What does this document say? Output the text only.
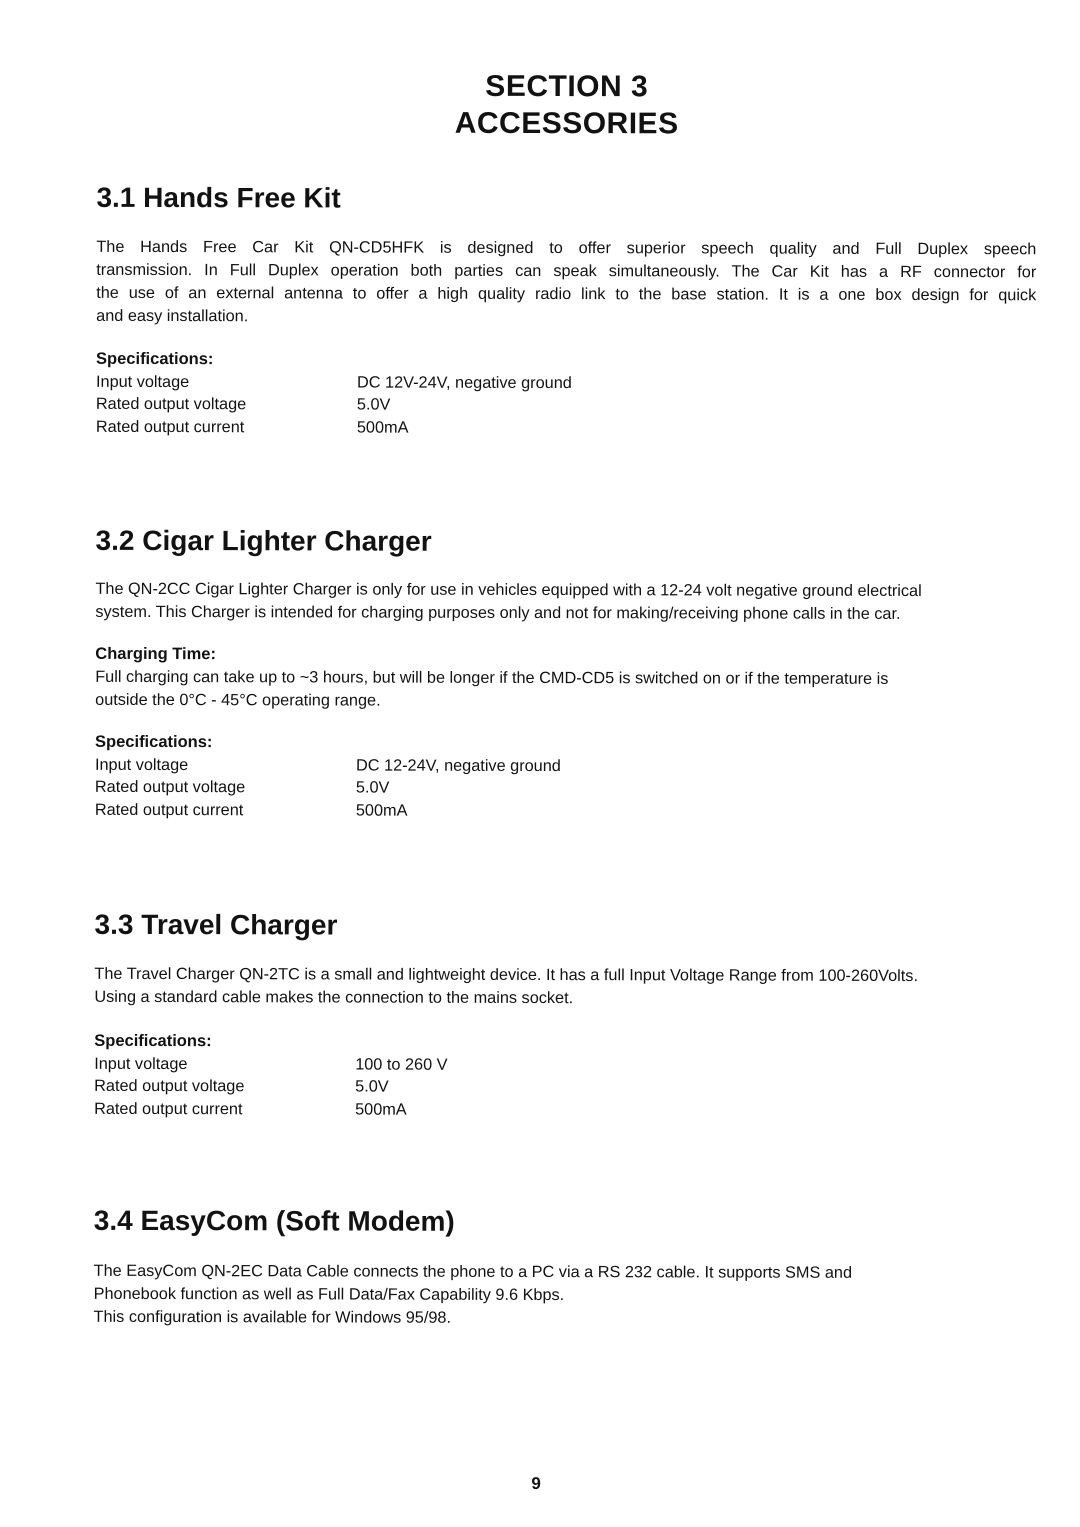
SECTION 3
ACCESSORIES
3.1 Hands Free Kit
The Hands Free Car Kit QN-CD5HFK is designed to offer superior speech quality and Full Duplex speech
transmission. In Full Duplex operation both parties can speak simultaneously. The Car Kit has a RF connector for
the use of an external antenna to offer a high quality radio link to the base station. It is a one box design for quick
and easy installation.
Specifications:
Input voltage	DC 12V-24V, negative ground
Rated output voltage	5.0V
Rated output current	500mA
3.2 Cigar Lighter Charger
The QN-2CC Cigar Lighter Charger is only for use in vehicles equipped with a 12-24 volt negative ground electrical
system. This Charger is intended for charging purposes only and not for making/receiving phone calls in the car.
Charging Time:
Full charging can take up to ~3 hours, but will be longer if the CMD-CD5 is switched on or if the temperature is
outside the 0°C - 45°C operating range.
Specifications:
Input voltage	DC 12-24V, negative ground
Rated output voltage	5.0V
Rated output current	500mA
3.3 Travel Charger
The Travel Charger QN-2TC is a small and lightweight device. It has a full Input Voltage Range from 100-260Volts.
Using a standard cable makes the connection to the mains socket.
Specifications:
Input voltage	100 to 260 V
Rated output voltage	5.0V
Rated output current	500mA
3.4 EasyCom (Soft Modem)
The EasyCom QN-2EC Data Cable connects the phone to a PC via a RS 232 cable. It supports SMS and
Phonebook function as well as Full Data/Fax Capability 9.6 Kbps.
This configuration is available for Windows 95/98.
9
